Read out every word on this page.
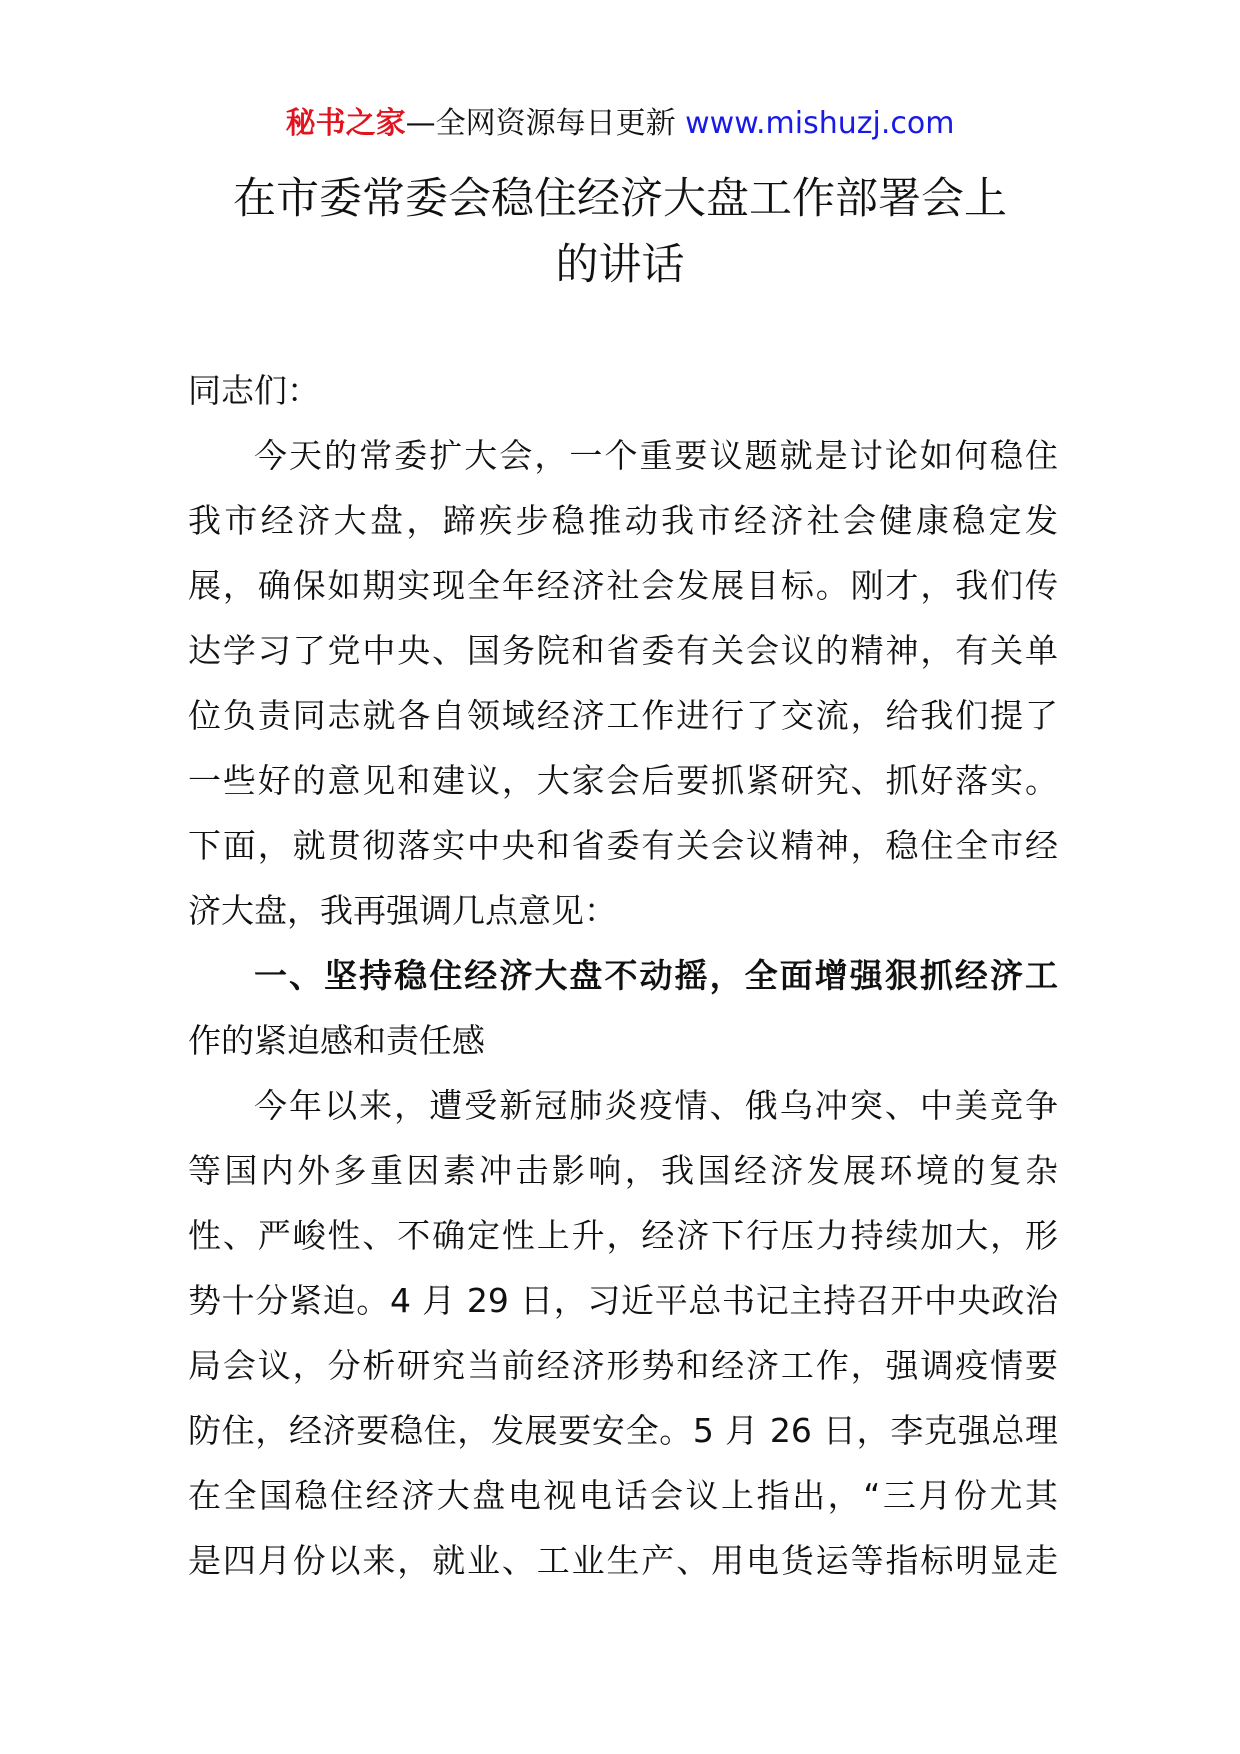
秘书之家—全网资源每日更新 www.mishuzj.com
在市委常委会稳住经济大盘工作部署会上
的讲话
同志们：
今天的常委扩大会，一个重要议题就是讨论如何稳住
我市经济大盘，蹄疾步稳推动我市经济社会健康稳定发
展，确保如期实现全年经济社会发展目标。刚才，我们传
达学习了党中央、国务院和省委有关会议的精神，有关单
位负责同志就各自领域经济工作进行了交流，给我们提了
一些好的意见和建议，大家会后要抓紧研究、抓好落实。
下面，就贯彻落实中央和省委有关会议精神，稳住全市经
济大盘，我再强调几点意见：
一、坚持稳住经济大盘不动摇，全面增强狠抓经济工
作的紧迫感和责任感
今年以来，遭受新冠肺炎疫情、俄乌冲突、中美竞争
等国内外多重因素冲击影响，我国经济发展环境的复杂
性、严峻性、不确定性上升，经济下行压力持续加大，形
势十分紧迫。4 月 29 日，习近平总书记主持召开中央政治
局会议，分析研究当前经济形势和经济工作，强调疫情要
防住，经济要稳住，发展要安全。5 月 26 日，李克强总理
在全国稳住经济大盘电视电话会议上指出，“三月份尤其
是四月份以来，就业、工业生产、用电货运等指标明显走
